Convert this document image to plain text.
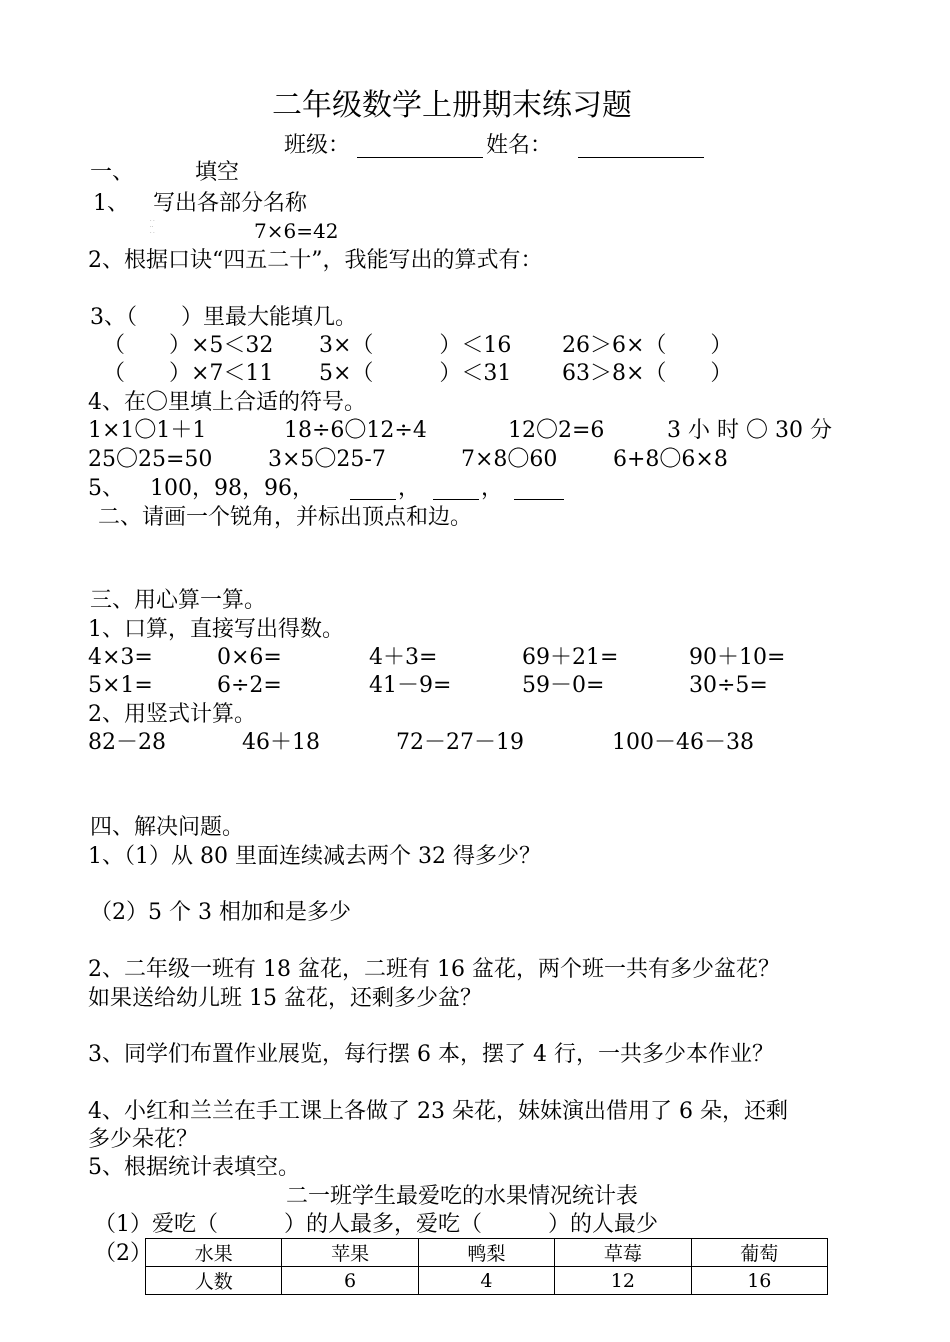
二年级数学上册期末练习题
班级：	姓名：
一、	填空
1、 写出各部分名称
· ·
··
· ·	7×6=42
2、根据口诀“四五二十”，我能写出的算式有：
3、（　　）里最大能填几。
（　　）×5＜32 3×（　　　）＜16 26＞6×（　　）
（　　）×7＜11 5×（　　　）＜31 63＞8×（　　）
4、在〇里填上合适的符号。
1×1〇1＋1	18÷6〇12÷4	12〇2=6	3 小 时 〇 30 分
25〇25=50	3×5〇25-7	7×8〇60	6+8〇6×8
5、 100，98，96，	，	，
二、请画一个锐角，并标出顶点和边。
三、用心算一算。
1、口算，直接写出得数。
4×3=	0×6=	4＋3=	69＋21=	90＋10=
5×1=	6÷2=	41－9=	59－0=	30÷5=
2、用竖式计算。
82－28	46＋18	72－27－19	100－46－38
四、解决问题。
1、（1）从 80 里面连续减去两个 32 得多少？
（2）5 个 3 相加和是多少
2、二年级一班有 18 盆花，二班有 16 盆花，两个班一共有多少盆花？
如果送给幼儿班 15 盆花，还剩多少盆？
3、同学们布置作业展览，每行摆 6 本，摆了 4 行，一共多少本作业？
4、小红和兰兰在手工课上各做了 23 朵花，妹妹演出借用了 6 朵，还剩
多少朵花？
5、根据统计表填空。
二一班学生最爱吃的水果情况统计表
（1）爱吃（　　　）的人最多，爱吃（　　　）的人最少
（2） 水果	苹果	鸭梨	草莓	葡萄
人数	6	4	12	16
